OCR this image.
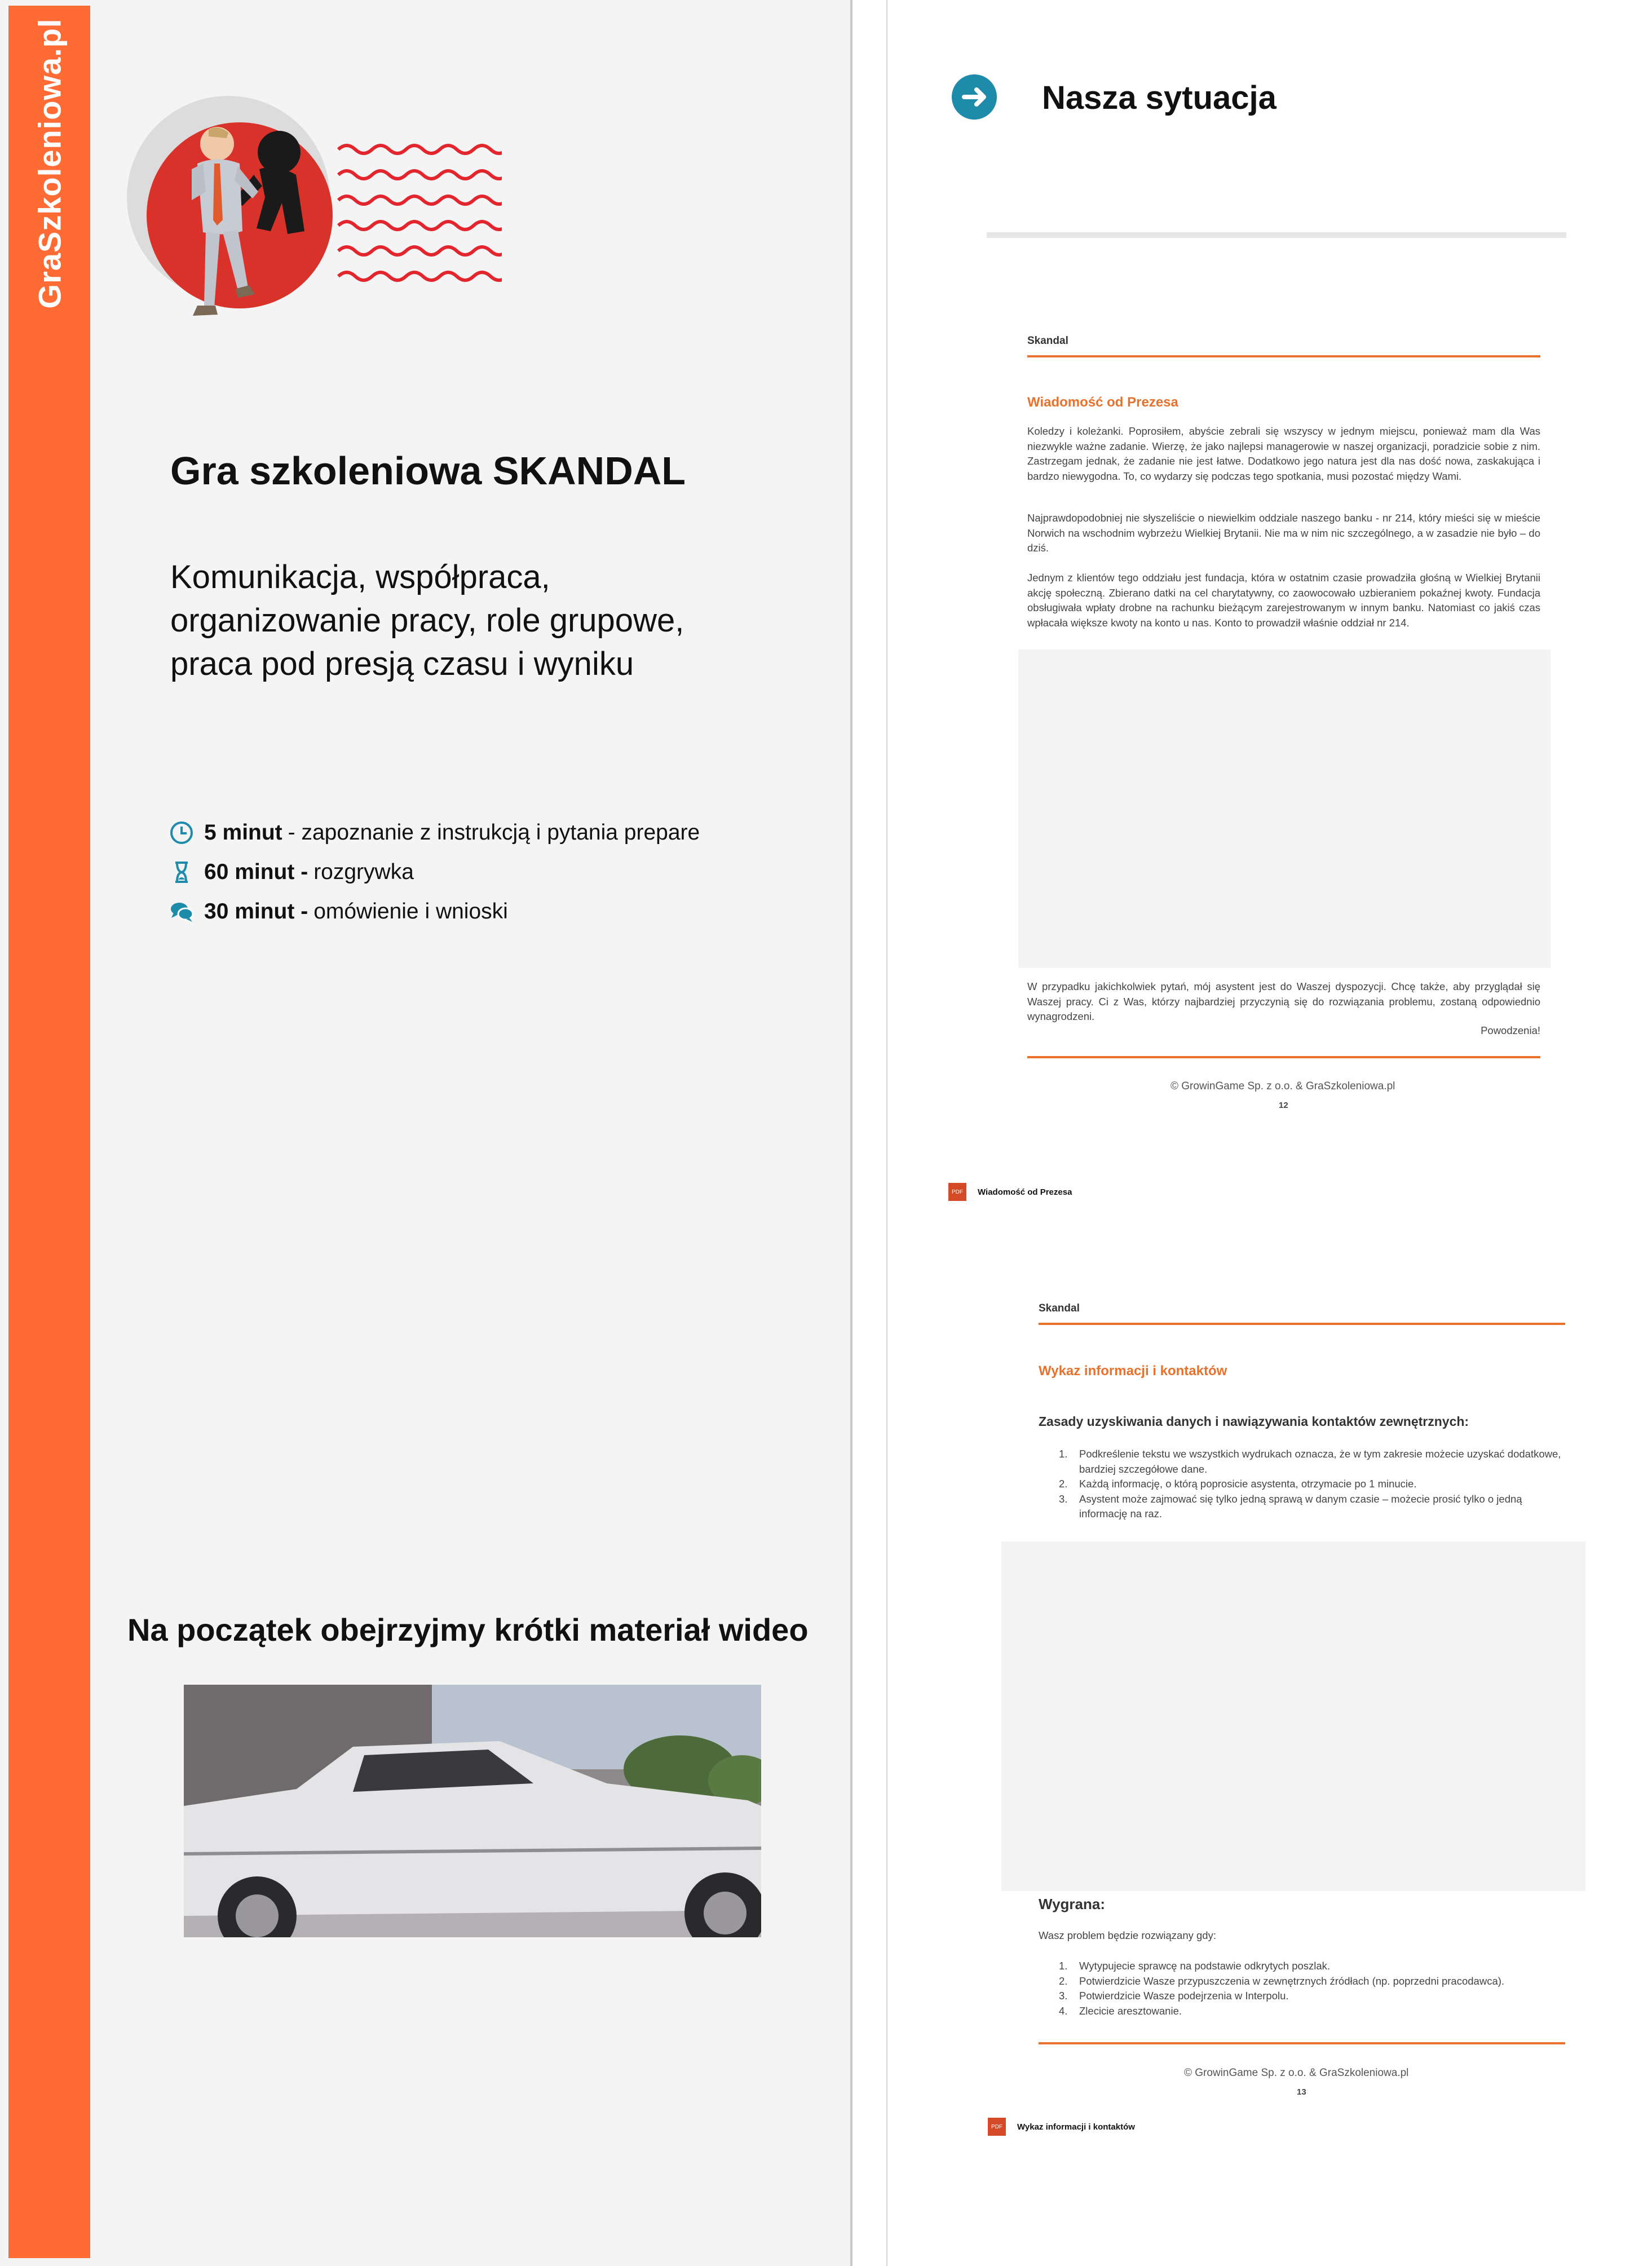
GraSzkoleniowa.pl
Gra szkoleniowa SKANDAL
Komunikacja, współpraca,
organizowanie pracy, role grupowe,
praca pod presją czasu i wyniku
5 minut - zapoznanie z instrukcją i pytania prepare
60 minut - rozgrywka
30 minut - omówienie i wnioski
Na początek obejrzyjmy krótki materiał wideo
Nasza sytuacja
Skandal
Wiadomość od Prezesa
Koledzy i koleżanki. Poprosiłem, abyście zebrali się wszyscy w jednym miejscu, ponieważ mam dla Was niezwykle ważne zadanie. Wierzę, że jako najlepsi managerowie w naszej organizacji, poradzicie sobie z nim. Zastrzegam jednak, że zadanie nie jest łatwe. Dodatkowo jego natura jest dla nas dość nowa, zaskakująca i bardzo niewygodna. To, co wydarzy się podczas tego spotkania, musi pozostać między Wami.
Najprawdopodobniej nie słyszeliście o niewielkim oddziale naszego banku - nr 214, który mieści się w mieście Norwich na wschodnim wybrzeżu Wielkiej Brytanii. Nie ma w nim nic szczególnego, a w zasadzie nie było – do dziś.
Jednym z klientów tego oddziału jest fundacja, która w ostatnim czasie prowadziła głośną w Wielkiej Brytanii akcję społeczną. Zbierano datki na cel charytatywny, co zaowocowało uzbieraniem pokaźnej kwoty. Fundacja obsługiwała wpłaty drobne na rachunku bieżącym zarejestrowanym w innym banku. Natomiast co jakiś czas wpłacała większe kwoty na konto u nas. Konto to prowadził właśnie oddział nr 214.
W przypadku jakichkolwiek pytań, mój asystent jest do Waszej dyspozycji. Chcę także, aby przyglądał się Waszej pracy. Ci z Was, którzy najbardziej przyczynią się do rozwiązania problemu, zostaną odpowiednio wynagrodzeni.
Powodzenia!
© GrowinGame Sp. z o.o. & GraSzkoleniowa.pl
12
PDF	Wiadomość od Prezesa
Skandal
Wykaz informacji i kontaktów
Zasady uzyskiwania danych i nawiązywania kontaktów zewnętrznych:
1. Podkreślenie tekstu we wszystkich wydrukach oznacza, że w tym zakresie możecie uzyskać dodatkowe, bardziej szczegółowe dane.
2. Każdą informację, o którą poprosicie asystenta, otrzymacie po 1 minucie.
3. Asystent może zajmować się tylko jedną sprawą w danym czasie – możecie prosić tylko o jedną informację na raz.
Wygrana:
Wasz problem będzie rozwiązany gdy:
1. Wytypujecie sprawcę na podstawie odkrytych poszlak.
2. Potwierdzicie Wasze przypuszczenia w zewnętrznych źródłach (np. poprzedni pracodawca).
3. Potwierdzicie Wasze podejrzenia w Interpolu.
4. Zlecicie aresztowanie.
© GrowinGame Sp. z o.o. & GraSzkoleniowa.pl
13
PDF	Wykaz informacji i kontaktów
